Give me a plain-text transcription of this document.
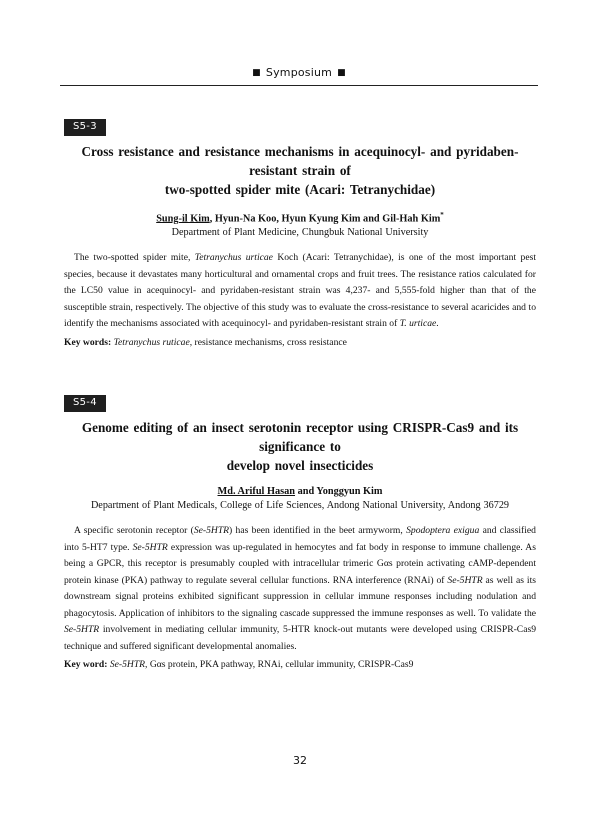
■ Symposium ■
S5-3
Cross resistance and resistance mechanisms in acequinocyl- and pyridaben-resistant strain of
two-spotted spider mite (Acari: Tetranychidae)
Sung-il Kim, Hyun-Na Koo, Hyun Kyung Kim and Gil-Hah Kim*
Department of Plant Medicine, Chungbuk National University
The two-spotted spider mite, Tetranychus urticae Koch (Acari: Tetranychidae), is one of the most important pest species, because it devastates many horticultural and ornamental crops and fruit trees. The resistance ratios calculated for the LC50 value in acequinocyl- and pyridaben-resistant strain was 4,237- and 5,555-fold higher than that of the susceptible strain, respectively. The objective of this study was to evaluate the cross-resistance to several acaricides and to identify the mechanisms associated with acequinocyl- and pyridaben-resistant strain of T. urticae.
Key words: Tetranychus ruticae, resistance mechanisms, cross resistance
S5-4
Genome editing of an insect serotonin receptor using CRISPR-Cas9 and its significance to
develop novel insecticides
Md. Ariful Hasan and Yonggyun Kim
Department of Plant Medicals, College of Life Sciences, Andong National University, Andong 36729
A specific serotonin receptor (Se-5HTR) has been identified in the beet armyworm, Spodoptera exigua and classified into 5-HT7 type. Se-5HTR expression was up-regulated in hemocytes and fat body in response to immune challenge. As being a GPCR, this receptor is presumably coupled with intracellular trimeric Gαs protein activating cAMP-dependent protein kinase (PKA) pathway to regulate several cellular functions. RNA interference (RNAi) of Se-5HTR as well as its downstream signal proteins exhibited significant suppression in cellular immune responses including nodulation and phagocytosis. Application of inhibitors to the signaling cascade suppressed the immune responses as well. To validate the Se-5HTR involvement in mediating cellular immunity, 5-HTR knock-out mutants were developed using CRISPR-Cas9 technique and suffered significant developmental anomalies.
Key word: Se-5HTR, Gαs protein, PKA pathway, RNAi, cellular immunity, CRISPR-Cas9
32
